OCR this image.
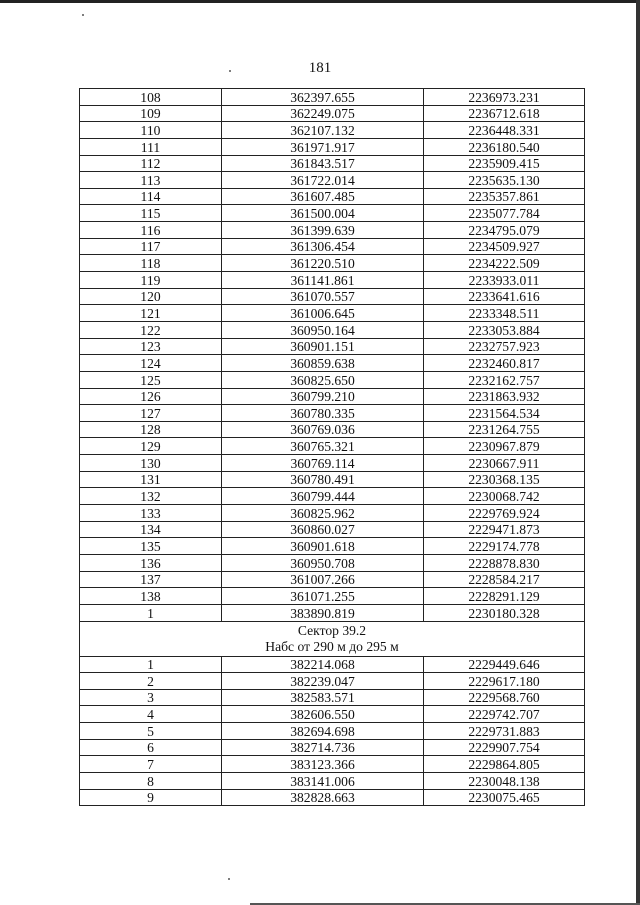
181
108	362397.655	2236973.231
109	362249.075	2236712.618
110	362107.132	2236448.331
111	361971.917	2236180.540
112	361843.517	2235909.415
113	361722.014	2235635.130
114	361607.485	2235357.861
115	361500.004	2235077.784
116	361399.639	2234795.079
117	361306.454	2234509.927
118	361220.510	2234222.509
119	361141.861	2233933.011
120	361070.557	2233641.616
121	361006.645	2233348.511
122	360950.164	2233053.884
123	360901.151	2232757.923
124	360859.638	2232460.817
125	360825.650	2232162.757
126	360799.210	2231863.932
127	360780.335	2231564.534
128	360769.036	2231264.755
129	360765.321	2230967.879
130	360769.114	2230667.911
131	360780.491	2230368.135
132	360799.444	2230068.742
133	360825.962	2229769.924
134	360860.027	2229471.873
135	360901.618	2229174.778
136	360950.708	2228878.830
137	361007.266	2228584.217
138	361071.255	2228291.129
1	383890.819	2230180.328

Сектор 39.2
Набс от 290 м до 295 м		

1	382214.068	2229449.646
2	382239.047	2229617.180
3	382583.571	2229568.760
4	382606.550	2229742.707
5	382694.698	2229731.883
6	382714.736	2229907.754
7	383123.366	2229864.805
8	383141.006	2230048.138
9	382828.663	2230075.465
